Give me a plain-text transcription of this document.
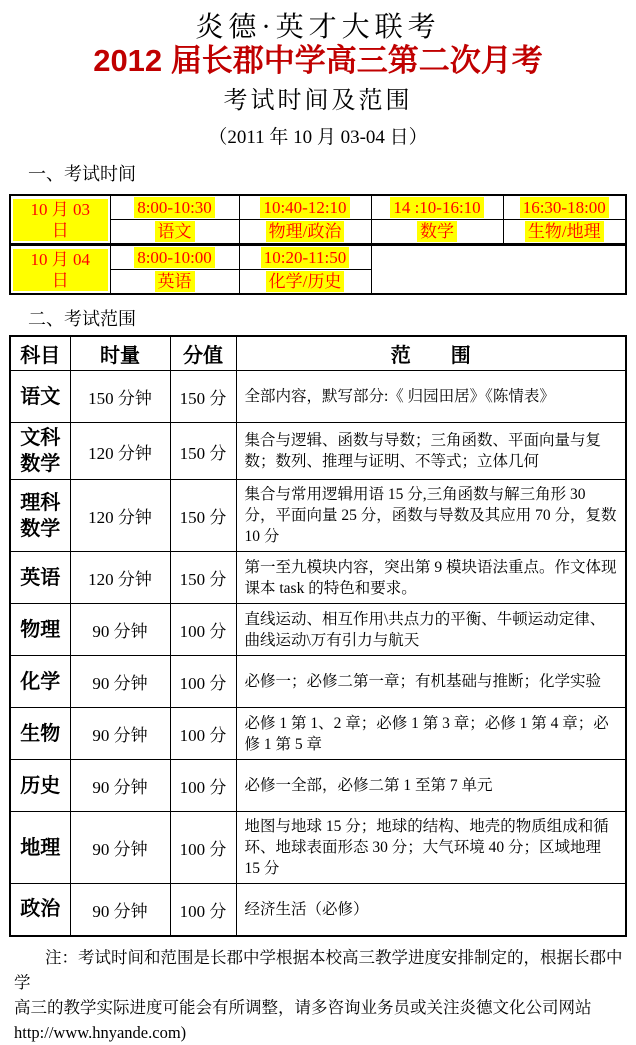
炎德·英才大联考
2012 届长郡中学高三第二次月考
考试时间及范围
（2011 年 10 月 03-04 日）
一、考试时间
10 月 03 日	8:00-10:30	10:40-12:10	14 :10-16:10	16:30-18:00
	语文	物理/政治	数学	生物/地理
10 月 04 日	8:00-10:00	10:20-11:50		
	英语	化学/历史		
二、考试范围
科目	时量	分值	范　　围
语文	150 分钟	150 分	全部内容，默写部分:《 归园田居》《陈情表》
文科数学	120 分钟	150 分	集合与逻辑、函数与导数；三角函数、平面向量与复数；数列、推理与证明、不等式；立体几何
理科数学	120 分钟	150 分	集合与常用逻辑用语 15 分,三角函数与解三角形 30 分，平面向量 25 分，函数与导数及其应用 70 分，复数 10 分
英语	120 分钟	150 分	第一至九模块内容，突出第 9 模块语法重点。作文体现课本 task 的特色和要求。
物理	90 分钟	100 分	直线运动、相互作用\共点力的平衡、牛顿运动定律、曲线运动\万有引力与航天
化学	90 分钟	100 分	必修一；必修二第一章；有机基础与推断；化学实验
生物	90 分钟	100 分	必修 1 第 1、2 章；必修 1 第 3 章；必修 1 第 4 章；必修 1 第 5 章
历史	90 分钟	100 分	必修一全部，必修二第 1 至第 7 单元
地理	90 分钟	100 分	地图与地球 15 分；地球的结构、地壳的物质组成和循环、地球表面形态 30 分；大气环境 40 分；区域地理 15 分
政治	90 分钟	100 分	经济生活（必修）
注：考试时间和范围是长郡中学根据本校高三教学进度安排制定的，根据长郡中学
高三的教学实际进度可能会有所调整，请多咨询业务员或关注炎德文化公司网站
http://www.hnyande.com)
